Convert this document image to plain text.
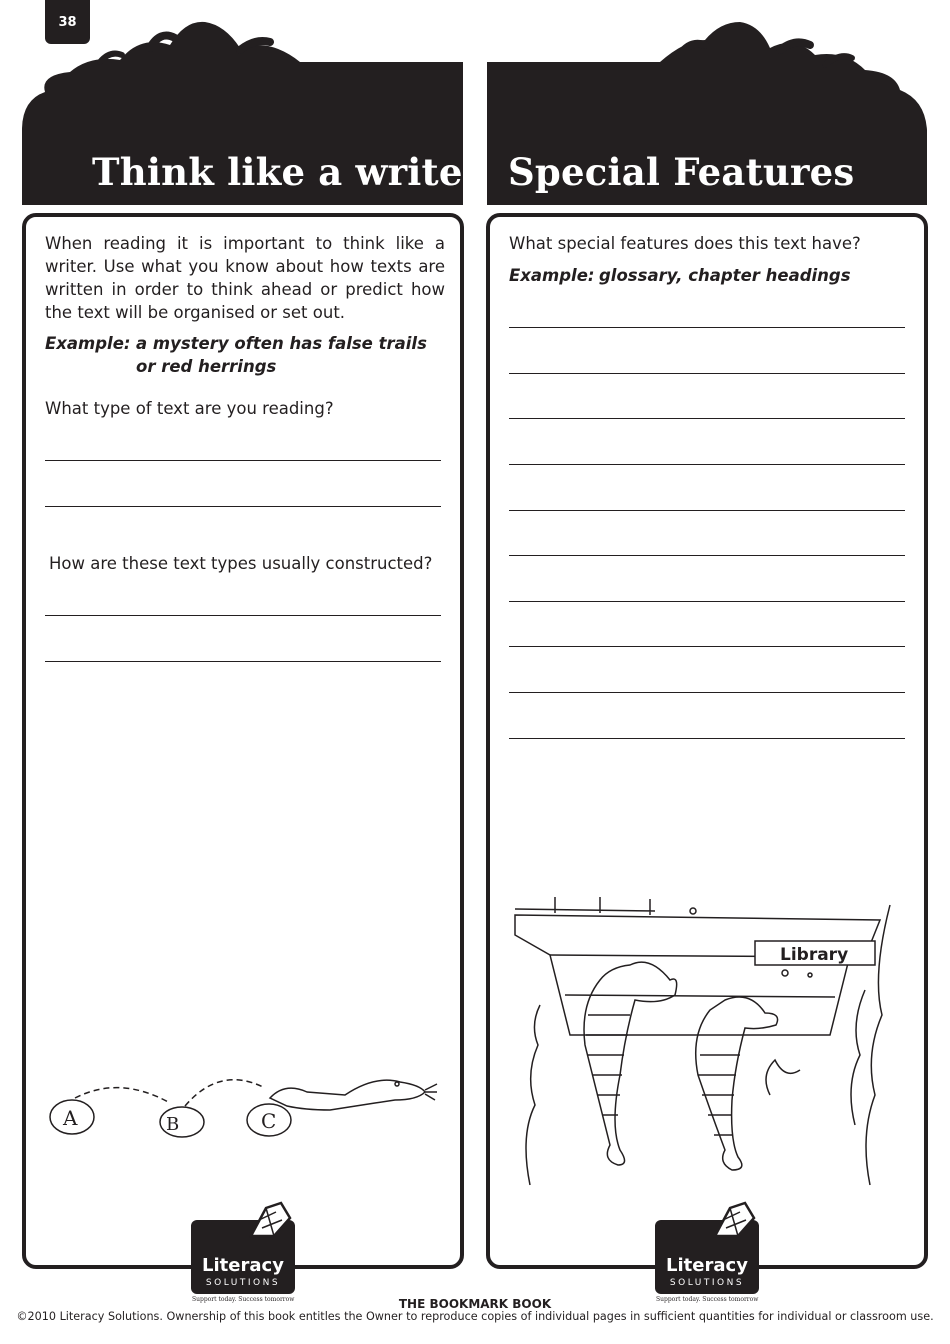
38
Think like a writer Special Features
When reading it is important to think like a writer. Use what you know about how texts are written in order to think ahead or predict how the text will be organised or set out.
Example: a mystery often has false trails
or red herrings
What type of text are you reading?
How are these text types usually constructed?
A	B	C
Literacy
SOLUTIONS
Support today. Success tomorrow
What special features does this text have?
Example: glossary, chapter headings
Library
Literacy
SOLUTIONS
Support today. Success tomorrow
THE BOOKMARK BOOK
©2010 Literacy Solutions. Ownership of this book entitles the Owner to reproduce copies of individual pages in sufficient quantities for individual or classroom use.
